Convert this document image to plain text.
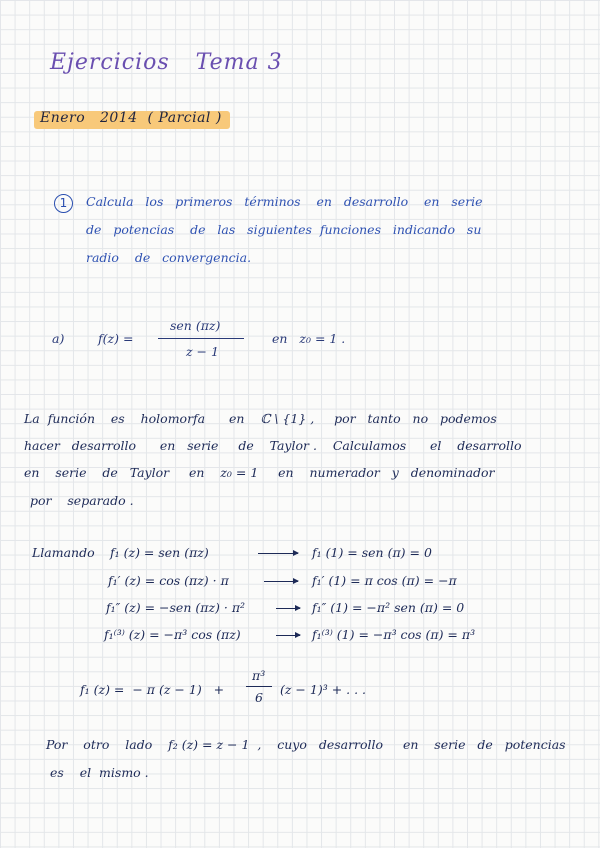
Ejercicios Tema 3
Enero   2014  ( Parcial )
1	Calcula   los   primeros   términos    en   desarrollo    en   serie
de   potencias    de   las   siguientes  funciones   indicando   su
radio    de   convergencia.
a)	f(z) =
sen (πz)
z − 1
en   z₀ = 1 .
La  función    es    holomorfa      en    ℂ \ {1} ,     por   tanto   no   podemos
hacer   desarrollo      en   serie     de    Taylor .    Calculamos      el    desarrollo
en    serie    de   Taylor     en    z₀ = 1     en    numerador   y   denominador
por    separado .
Llamando f₁ (z) = sen (πz)	f₁ (1) = sen (π) = 0
f₁′ (z) = cos (πz) · π	f₁′ (1) = π cos (π) = −π
f₁″ (z) = −sen (πz) · π²	f₁″ (1) = −π² sen (π) = 0
f₁⁽³⁾ (z) = −π³ cos (πz)	f₁⁽³⁾ (1) = −π³ cos (π) = π³
f₁ (z) =  − π (z − 1)   +
π³
6
(z − 1)³ + . . .
Por    otro    lado    f₂ (z) = z − 1  ,    cuyo   desarrollo     en    serie   de   potencias
es    el  mismo .
